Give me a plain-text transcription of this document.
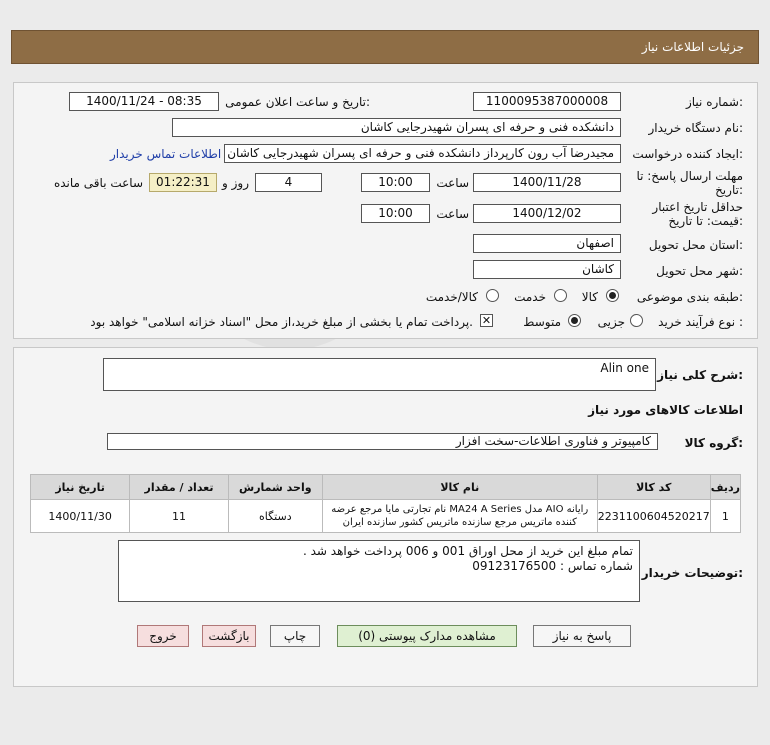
جزئیات اطلاعات نیاز
شماره نیاز:
1100095387000008
تاریخ و ساعت اعلان عمومی:
1400/11/24 - 08:35
نام دستگاه خریدار:
دانشکده فنی و حرفه ای پسران شهیدرجایی کاشان
ایجاد کننده درخواست:
مجیدرضا آب رون کارپرداز دانشکده فنی و حرفه ای پسران شهیدرجایی کاشان
اطلاعات تماس خریدار
مهلت ارسال پاسخ: تا
تاریخ:
1400/11/28
ساعت
10:00
4
روز و
01:22:31
ساعت باقی مانده
حداقل تاریخ اعتبار
قیمت: تا تاریخ:
1400/12/02
ساعت
10:00
استان محل تحویل:
اصفهان
شهر محل تحویل:
کاشان
طبقه بندی موضوعی:
کالا
خدمت
کالا/خدمت
نوع فرآیند خرید :
جزیی
متوسط
✕
پرداخت تمام یا بخشی از مبلغ خرید،از محل "اسناد خزانه اسلامی" خواهد بود.
شرح کلی نیاز:
Alin one
اطلاعات کالاهای مورد نیاز
گروه کالا:
کامپیوتر و فناوری اطلاعات-سخت افزار
تاریخ نیاز	تعداد / مقدار	واحد شمارش	نام کالا	کد کالا	ردیف
1400/11/30	11	دستگاه	رایانه AIO مدل MA24 A Series نام تجارتی مایا مرجع عرضه کننده ماتریس مرجع سازنده ماتریس کشور سازنده ایران	2231100604520217	1
توضیحات خریدار:
تمام مبلغ این خرید از محل اوراق 001 و 006 پرداخت خواهد شد .
شماره تماس : 09123176500
پاسخ به نیاز
مشاهده مدارک پیوستی (0)
چاپ
بازگشت
خروج
